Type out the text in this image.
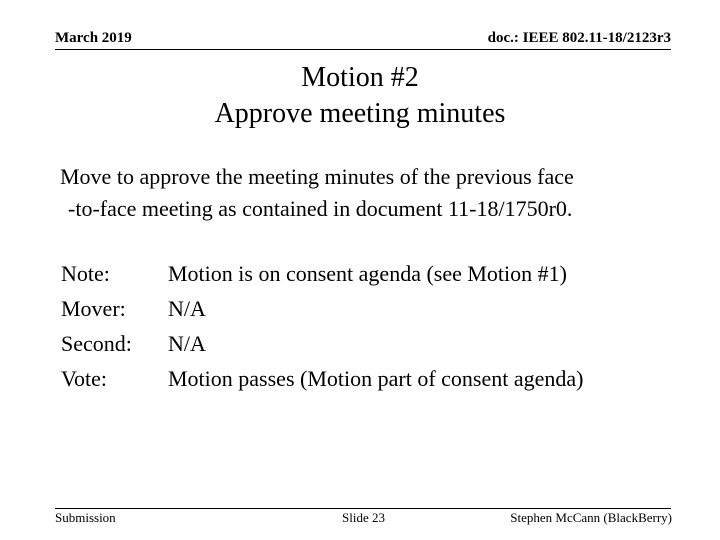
March 2019	doc.: IEEE 802.11-18/2123r3
Motion #2
Approve meeting minutes
Move to approve the meeting minutes of the previous face
-to-face meeting as contained in document 11-18/1750r0.
Note:	Motion is on consent agenda (see Motion #1)
Mover:	N/A
Second:	N/A
Vote:	Motion passes (Motion part of consent agenda)
Submission	Slide 23	Stephen McCann (BlackBerry)
